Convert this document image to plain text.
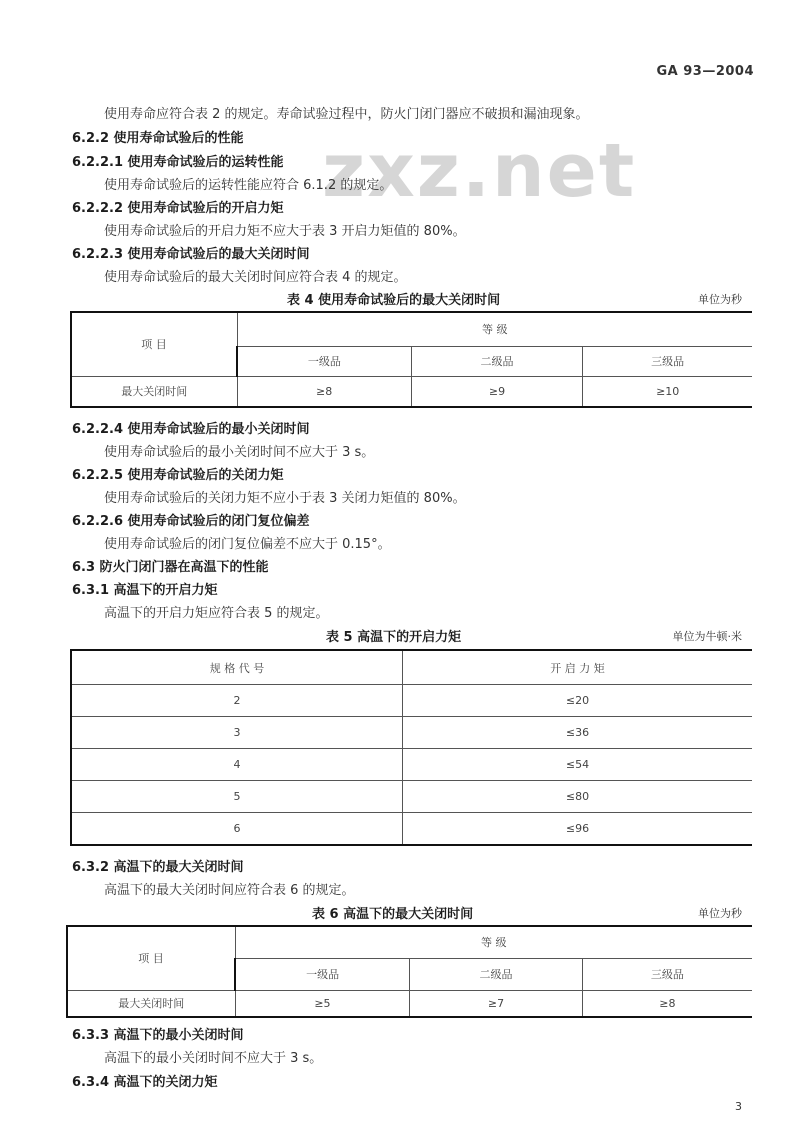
GA 93—2004
zxz.net
使用寿命应符合表 2 的规定。寿命试验过程中，防火门闭门器应不破损和漏油现象。
6.2.2 使用寿命试验后的性能
6.2.2.1 使用寿命试验后的运转性能
使用寿命试验后的运转性能应符合 6.1.2 的规定。
6.2.2.2 使用寿命试验后的开启力矩
使用寿命试验后的开启力矩不应大于表 3 开启力矩值的 80%。
6.2.2.3 使用寿命试验后的最大关闭时间
使用寿命试验后的最大关闭时间应符合表 4 的规定。
表 4 使用寿命试验后的最大关闭时间	单位为秒
项 目	等 级		
	一级品	二级品	三级品
最大关闭时间	≥8	≥9	≥10
6.2.2.4 使用寿命试验后的最小关闭时间
使用寿命试验后的最小关闭时间不应大于 3 s。
6.2.2.5 使用寿命试验后的关闭力矩
使用寿命试验后的关闭力矩不应小于表 3 关闭力矩值的 80%。
6.2.2.6 使用寿命试验后的闭门复位偏差
使用寿命试验后的闭门复位偏差不应大于 0.15°。
6.3 防火门闭门器在高温下的性能
6.3.1 高温下的开启力矩
高温下的开启力矩应符合表 5 的规定。
表 5 高温下的开启力矩	单位为牛顿·米
规 格 代 号	开 启 力 矩
2	≤20
3	≤36
4	≤54
5	≤80
6	≤96
6.3.2 高温下的最大关闭时间
高温下的最大关闭时间应符合表 6 的规定。
表 6 高温下的最大关闭时间	单位为秒
项 目	等 级		
	一级品	二级品	三级品
最大关闭时间	≥5	≥7	≥8
6.3.3 高温下的最小关闭时间
高温下的最小关闭时间不应大于 3 s。
6.3.4 高温下的关闭力矩
3
